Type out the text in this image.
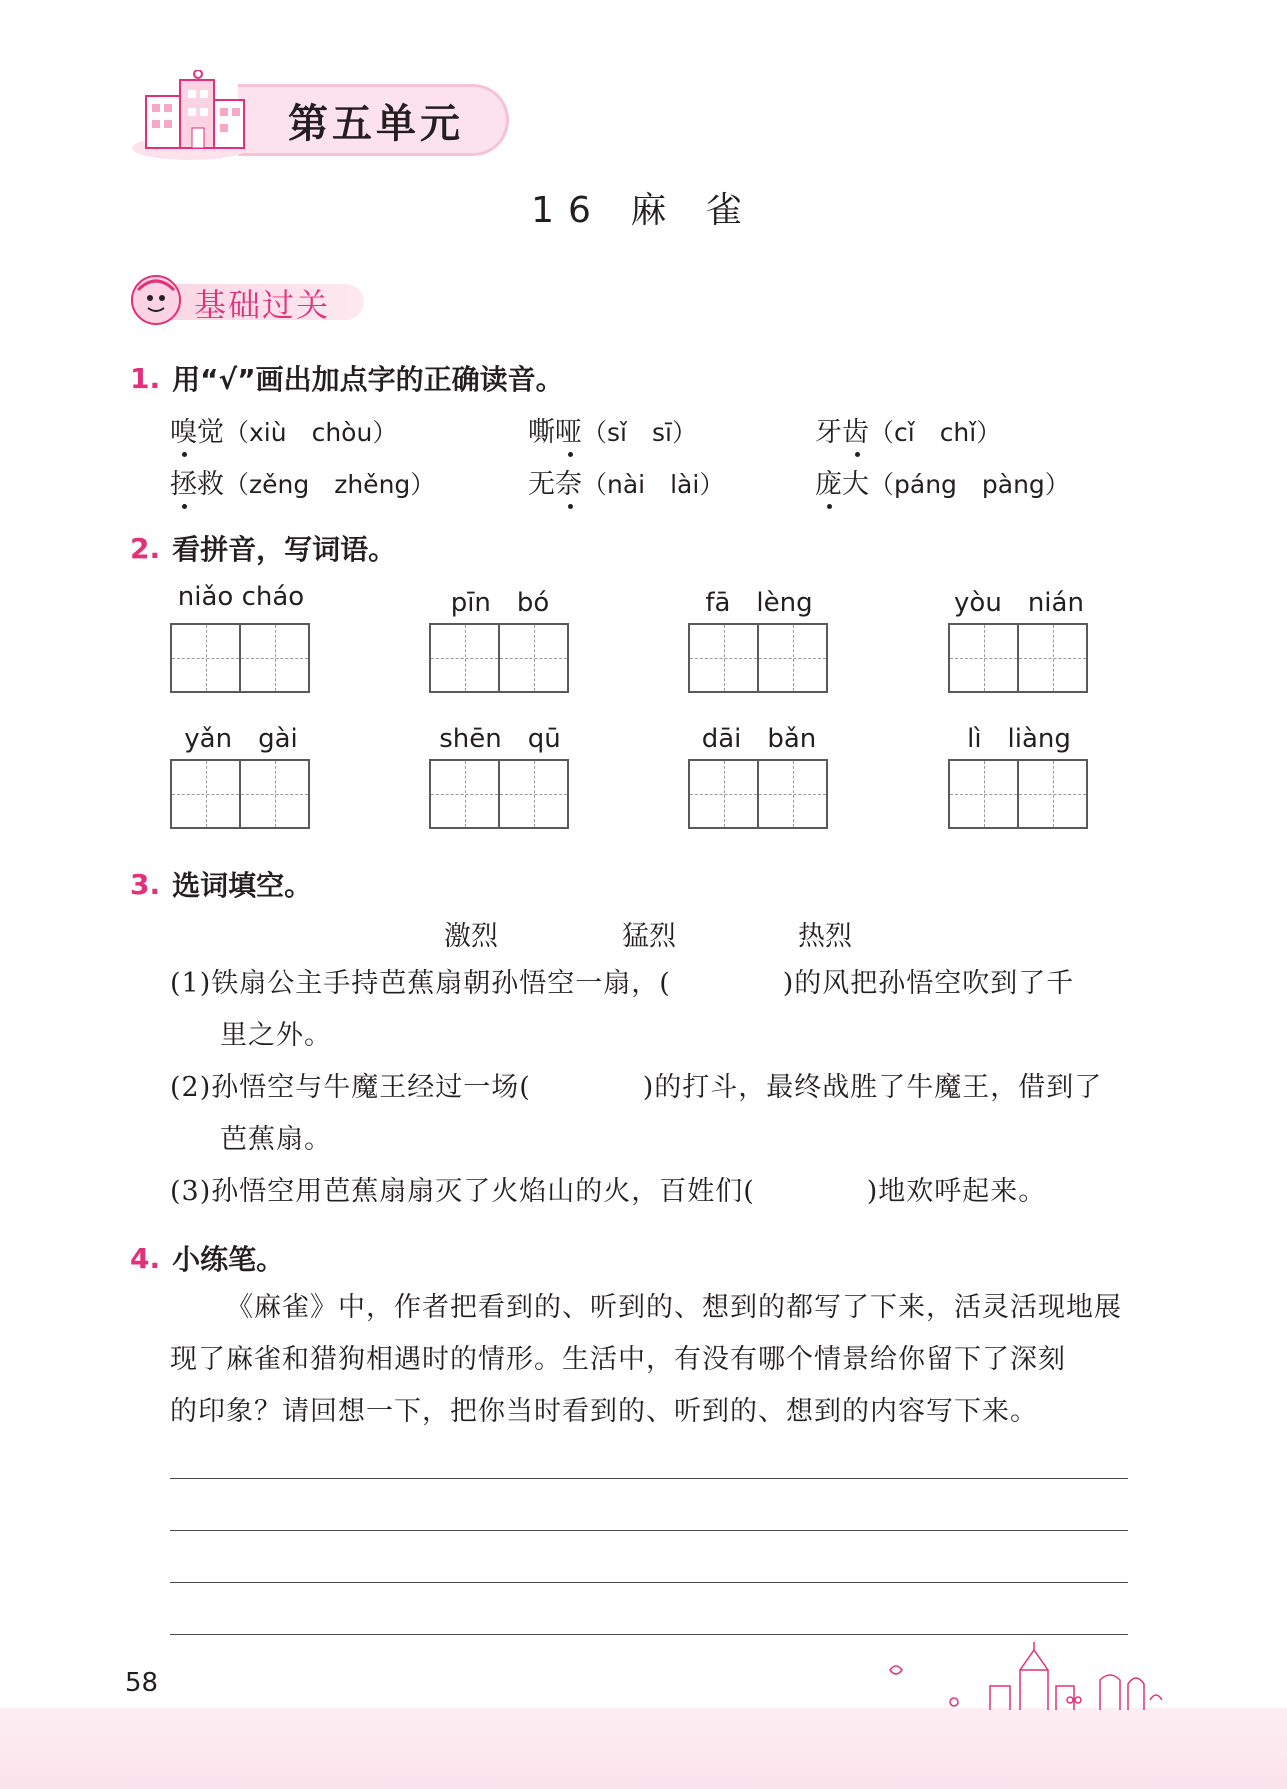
第五单元
16 麻 雀
基础过关
1. 用“√”画出加点字的正确读音。
嗅觉（xiù　chòu）	嘶哑（sǐ　sī）	牙齿（cǐ　chǐ）
拯救（zěng　zhěng）	无奈（nài　lài）	庞大（páng　pàng）
2. 看拼音，写词语。
niǎo cháo	pīn　bó	fā　lèng	yòu　nián
yǎn　gài	shēn　qū	dāi　bǎn	lì　liàng
3. 选词填空。
激烈	猛烈	热烈
(1)铁扇公主手持芭蕉扇朝孙悟空一扇，(　　　　)的风把孙悟空吹到了千
里之外。
(2)孙悟空与牛魔王经过一场(　　　　)的打斗，最终战胜了牛魔王，借到了
芭蕉扇。
(3)孙悟空用芭蕉扇扇灭了火焰山的火，百姓们(　　　　)地欢呼起来。
4. 小练笔。
《麻雀》中，作者把看到的、听到的、想到的都写了下来，活灵活现地展
现了麻雀和猎狗相遇时的情形。生活中，有没有哪个情景给你留下了深刻
的印象？请回想一下，把你当时看到的、听到的、想到的内容写下来。
58
